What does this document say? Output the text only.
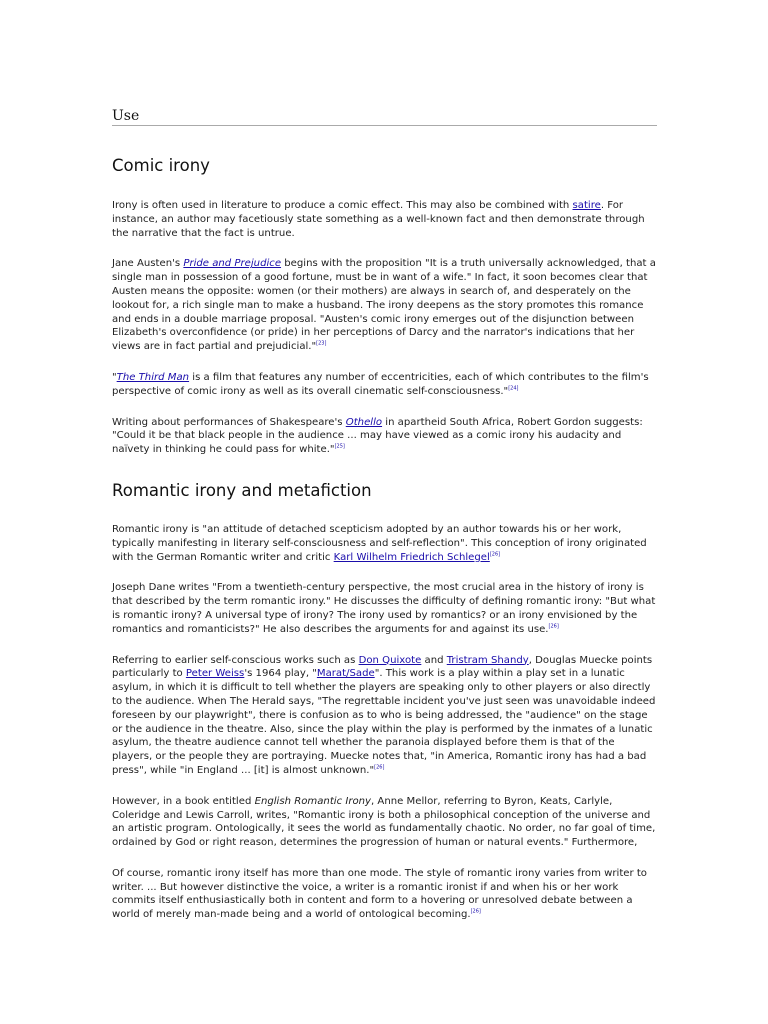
Use
Comic irony

Irony is often used in literature to produce a comic effect. This may also be combined with satire. For instance, an author may facetiously state something as a well-known fact and then demonstrate through the narrative that the fact is untrue.

Jane Austen's Pride and Prejudice begins with the proposition "It is a truth universally acknowledged, that a single man in possession of a good fortune, must be in want of a wife." In fact, it soon becomes clear that Austen means the opposite: women (or their mothers) are always in search of, and desperately on the lookout for, a rich single man to make a husband. The irony deepens as the story promotes this romance and ends in a double marriage proposal. "Austen's comic irony emerges out of the disjunction between Elizabeth's overconfidence (or pride) in her perceptions of Darcy and the narrator's indications that her views are in fact partial and prejudicial."[23]

"The Third Man is a film that features any number of eccentricities, each of which contributes to the film's perspective of comic irony as well as its overall cinematic self-consciousness."[24]

Writing about performances of Shakespeare's Othello in apartheid South Africa, Robert Gordon suggests: "Could it be that black people in the audience ... may have viewed as a comic irony his audacity and naïvety in thinking he could pass for white."[25]

Romantic irony and metafiction

Romantic irony is "an attitude of detached scepticism adopted by an author towards his or her work, typically manifesting in literary self-consciousness and self-reflection". This conception of irony originated with the German Romantic writer and critic Karl Wilhelm Friedrich Schlegel[26]

Joseph Dane writes "From a twentieth-century perspective, the most crucial area in the history of irony is that described by the term romantic irony." He discusses the difficulty of defining romantic irony: "But what is romantic irony? A universal type of irony? The irony used by romantics? or an irony envisioned by the romantics and romanticists?" He also describes the arguments for and against its use.[26]

Referring to earlier self-conscious works such as Don Quixote and Tristram Shandy, Douglas Muecke points particularly to Peter Weiss's 1964 play, "Marat/Sade". This work is a play within a play set in a lunatic asylum, in which it is difficult to tell whether the players are speaking only to other players or also directly to the audience. When The Herald says, "The regrettable incident you've just seen was unavoidable indeed foreseen by our playwright", there is confusion as to who is being addressed, the "audience" on the stage or the audience in the theatre. Also, since the play within the play is performed by the inmates of a lunatic asylum, the theatre audience cannot tell whether the paranoia displayed before them is that of the players, or the people they are portraying. Muecke notes that, "in America, Romantic irony has had a bad press", while "in England ... [it] is almost unknown."[26]

However, in a book entitled English Romantic Irony, Anne Mellor, referring to Byron, Keats, Carlyle, Coleridge and Lewis Carroll, writes, "Romantic irony is both a philosophical conception of the universe and an artistic program. Ontologically, it sees the world as fundamentally chaotic. No order, no far goal of time, ordained by God or right reason, determines the progression of human or natural events." Furthermore,

Of course, romantic irony itself has more than one mode. The style of romantic irony varies from writer to writer. ... But however distinctive the voice, a writer is a romantic ironist if and when his or her work commits itself enthusiastically both in content and form to a hovering or unresolved debate between a world of merely man-made being and a world of ontological becoming.[26]
